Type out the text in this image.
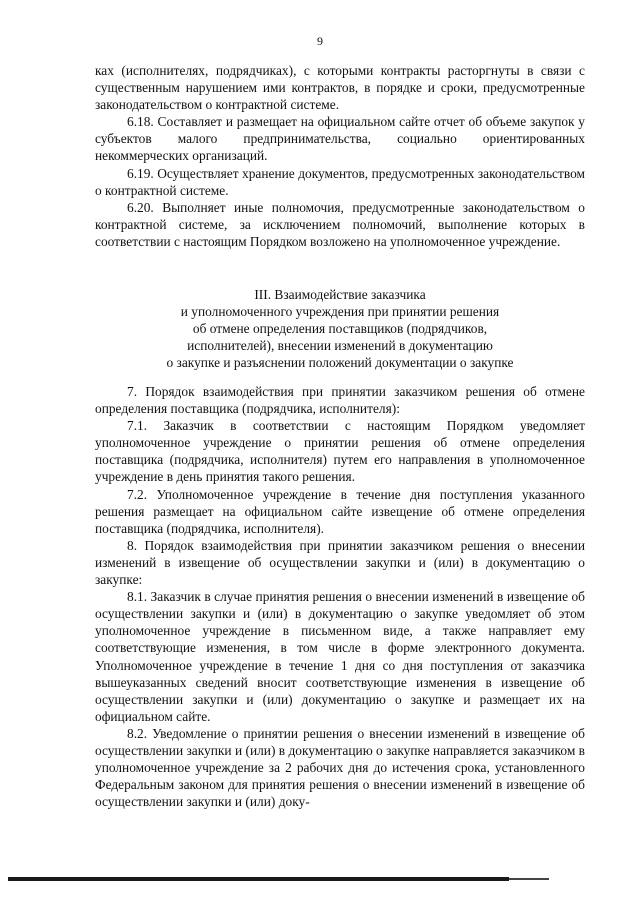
9

ках (исполнителях, подрядчиках), с которыми контракты расторгнуты в связи с существенным нарушением ими контрактов, в порядке и сроки, предусмотренные законодательством о контрактной системе.

6.18. Составляет и размещает на официальном сайте отчет об объеме закупок у субъектов малого предпринимательства, социально ориентированных некоммерческих организаций.

6.19. Осуществляет хранение документов, предусмотренных законодательством о контрактной системе.

6.20. Выполняет иные полномочия, предусмотренные законодательством о контрактной системе, за исключением полномочий, выполнение которых в соответствии с настоящим Порядком возложено на уполномоченное учреждение.

III. Взаимодействие заказчика
и уполномоченного учреждения при принятии решения
об отмене определения поставщиков (подрядчиков,
исполнителей), внесении изменений в документацию
о закупке и разъяснении положений документации о закупке

7. Порядок взаимодействия при принятии заказчиком решения об отмене определения поставщика (подрядчика, исполнителя):

7.1. Заказчик в соответствии с настоящим Порядком уведомляет уполномоченное учреждение о принятии решения об отмене определения поставщика (подрядчика, исполнителя) путем его направления в уполномоченное учреждение в день принятия такого решения.

7.2. Уполномоченное учреждение в течение дня поступления указанного решения размещает на официальном сайте извещение об отмене определения поставщика (подрядчика, исполнителя).

8. Порядок взаимодействия при принятии заказчиком решения о внесении изменений в извещение об осуществлении закупки и (или) в документацию о закупке:

8.1. Заказчик в случае принятия решения о внесении изменений в извещение об осуществлении закупки и (или) в документацию о закупке уведомляет об этом уполномоченное учреждение в письменном виде, а также направляет ему соответствующие изменения, в том числе в форме электронного документа. Уполномоченное учреждение в течение 1 дня со дня поступления от заказчика вышеуказанных сведений вносит соответствующие изменения в извещение об осуществлении закупки и (или) документацию о закупке и размещает их на официальном сайте.

8.2. Уведомление о принятии решения о внесении изменений в извещение об осуществлении закупки и (или) в документацию о закупке направляется заказчиком в уполномоченное учреждение за 2 рабочих дня до истечения срока, установленного Федеральным законом для принятия решения о внесении изменений в извещение об осуществлении закупки и (или) доку-
